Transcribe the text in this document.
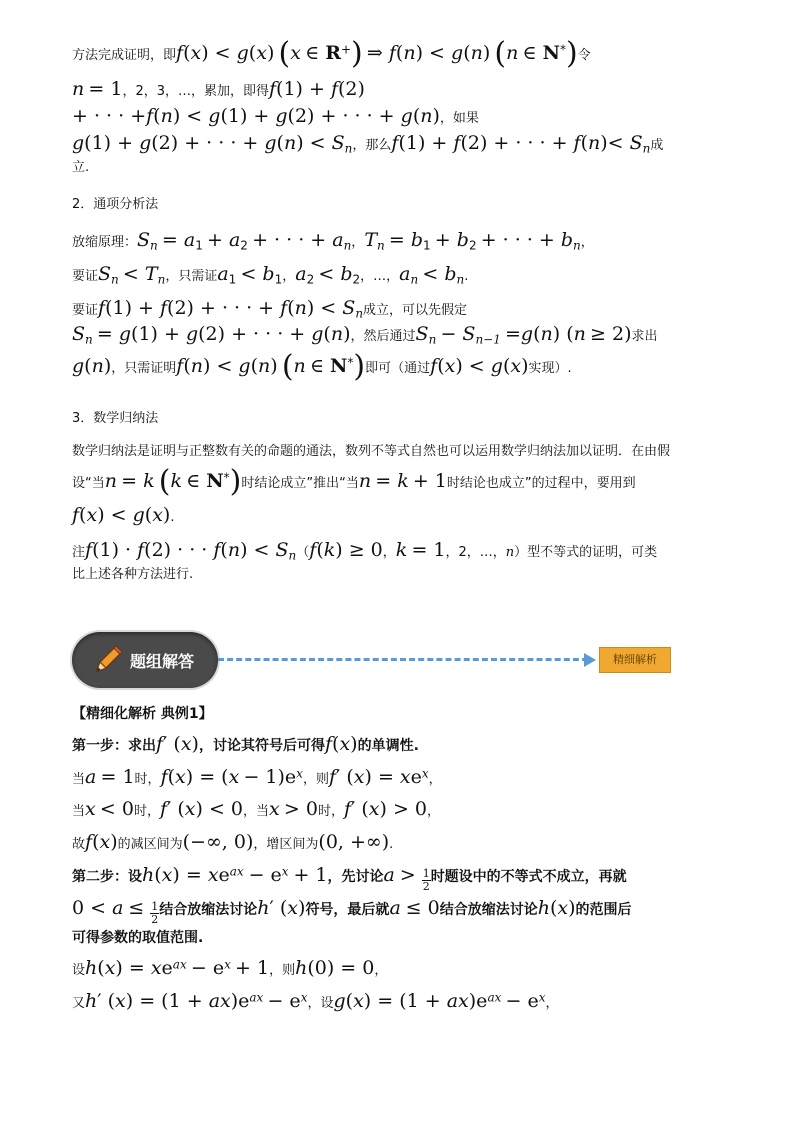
方法完成证明，即f(x) < g(x) (x ∈ R+) ⇒ f(n) < g(n) (n ∈ N*)令
n = 1，2，3，…，累加，即得f(1) + f(2)
+ · · · +f(n) < g(1) + g(2) + · · · + g(n)，如果
g(1) + g(2) + · · · + $g(n) < S_n$，那么f(1) + f(2) + · · · + $f(n)< S_n$成
立.
2．通项分析法
放缩原理：$S_n = a_1 + a_2$ + · · · + $a_n$，$T_n = b_1 + b_2$ + · · · + $b_n$，
要证$S_n < T_n$，只需证$a_1 < b_1$，$a_2 < b_2$，…，$a_n < b_n$.
要证f(1) + f(2) + · · · + $f(n) < S_n$成立，可以先假定
$S_n = g(1) + g(2)$ + · · · + g(n)，然后通过$S_n - S_{n-1} =g(n) (n \ge 2)$求出
g(n)，只需证明f(n) < g(n) (n ∈ N*)即可（通过f(x) < g(x)实现）.
3．数学归纳法
数学归纳法是证明与正整数有关的命题的通法，数列不等式自然也可以运用数学归纳法加以证明．在由假
设“当n = k (k ∈ N*)时结论成立”推出“当n = k + 1时结论也成立”的过程中，要用到
f(x) < g(x).
注f(1) · f(2) · · · $f(n) < S_n(f(k) \ge 0$，k = 1，2，…，n）型不等式的证明，可类
比上述各种方法进行.
题组解答	精细解析
【精细化解析 典例1】
第一步：求出f′ (x)，讨论其符号后可得f(x)的单调性.
当a = 1时，$f(x) = (x - 1)e^x$，则f′ $(x) = xe^x$，
当x < 0时，f′ (x) < 0，当x > 0时，f′ (x) > 0，
故f(x)的减区间为(−∞, 0)，增区间为(0, +∞).
第二步：设$h(x) = xe^{ax} - e^x + 1$，先讨论$a > \frac{1}{2}$ 时题设中的不等式不成立，再就
$0 < a \le \frac{1}{2}$ 结合放缩法讨论h′ (x)符号，最后就a ≤ 0结合放缩法讨论h(x)的范围后
可得参数的取值范围.
设$h(x) = xe^{ax} - e^x + 1$，则h(0) = 0，
又h′ $(x) = (1 + ax)e^{ax} - e^x$，设$g(x) = (1 + ax)e^{ax} - e^x$，
